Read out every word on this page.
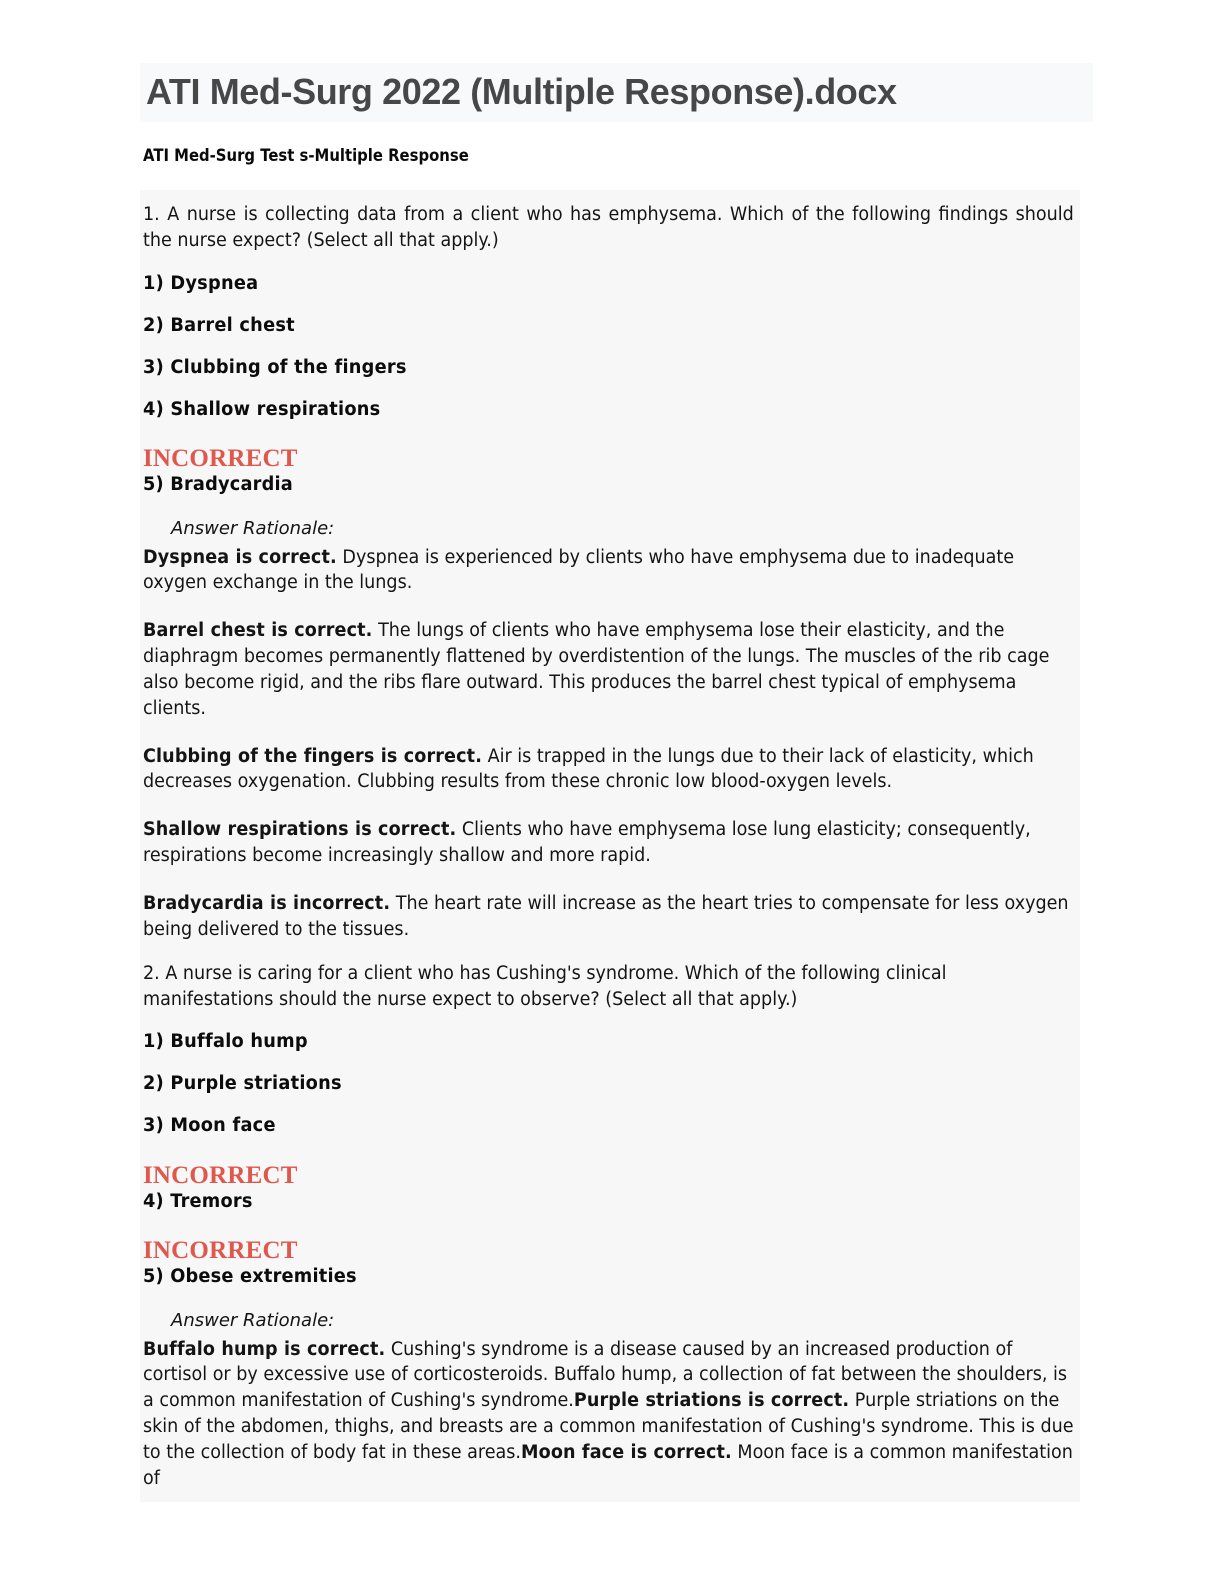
ATI Med-Surg 2022 (Multiple Response).docx
ATI Med-Surg Test s-Multiple Response
1. A nurse is collecting data from a client who has emphysema. Which of the following findings should the nurse expect? (Select all that apply.)
1) Dyspnea
2) Barrel chest
3) Clubbing of the fingers
4) Shallow respirations
INCORRECT
5) Bradycardia
Answer Rationale:
Dyspnea is correct. Dyspnea is experienced by clients who have emphysema due to inadequate oxygen exchange in the lungs.
Barrel chest is correct. The lungs of clients who have emphysema lose their elasticity, and the diaphragm becomes permanently flattened by overdistention of the lungs. The muscles of the rib cage also become rigid, and the ribs flare outward. This produces the barrel chest typical of emphysema clients.
Clubbing of the fingers is correct. Air is trapped in the lungs due to their lack of elasticity, which decreases oxygenation. Clubbing results from these chronic low blood-oxygen levels.
Shallow respirations is correct. Clients who have emphysema lose lung elasticity; consequently, respirations become increasingly shallow and more rapid.
Bradycardia is incorrect. The heart rate will increase as the heart tries to compensate for less oxygen being delivered to the tissues.
2. A nurse is caring for a client who has Cushing's syndrome. Which of the following clinical manifestations should the nurse expect to observe? (Select all that apply.)
1) Buffalo hump
2) Purple striations
3) Moon face
INCORRECT
4) Tremors
INCORRECT
5) Obese extremities
Answer Rationale:
Buffalo hump is correct. Cushing's syndrome is a disease caused by an increased production of cortisol or by excessive use of corticosteroids. Buffalo hump, a collection of fat between the shoulders, is a common manifestation of Cushing's syndrome.Purple striations is correct. Purple striations on the skin of the abdomen, thighs, and breasts are a common manifestation of Cushing's syndrome. This is due to the collection of body fat in these areas.Moon face is correct. Moon face is a common manifestation of
